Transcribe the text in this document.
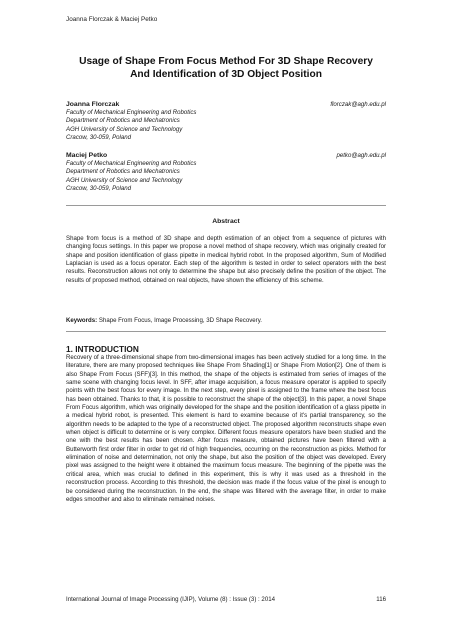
Joanna Florczak & Maciej Petko
Usage of Shape From Focus Method For 3D Shape Recovery
And Identification of 3D Object Position
Joanna Florczak	florczak@agh.edu.pl
Faculty of Mechanical Engineering and Robotics
Department of Robotics and Mechatronics
AGH University of Science and Technology
Cracow, 30-059, Poland
Maciej Petko	petko@agh.edu.pl
Faculty of Mechanical Engineering and Robotics
Department of Robotics and Mechatronics
AGH University of Science and Technology
Cracow, 30-059, Poland
Abstract
Shape from focus is a method of 3D shape and depth estimation of an object from a sequence of pictures with changing focus settings. In this paper we propose a novel method of shape recovery, which was originally created for shape and position identification of glass pipette in medical hybrid robot. In the proposed algorithm, Sum of Modified Laplacian is used as a focus operator. Each step of the algorithm is tested in order to select operators with the best results. Reconstruction allows not only to determine the shape but also precisely define the position of the object. The results of proposed method, obtained on real objects, have shown the efficiency of this scheme.
Keywords: Shape From Focus, Image Processing, 3D Shape Recovery.
1. INTRODUCTION
Recovery of a three-dimensional shape from two-dimensional images has been actively studied for a long time. In the literature, there are many proposed techniques like Shape From Shading[1] or Shape From Motion[2]. One of them is also Shape From Focus (SFF)[3]. In this method, the shape of the objects is estimated from series of images of the same scene with changing focus level. In SFF, after image acquisition, a focus measure operator is applied to specify points with the best focus for every image. In the next step, every pixel is assigned to the frame where the best focus has been obtained. Thanks to that, it is possible to reconstruct the shape of the object[3]. In this paper, a novel Shape From Focus algorithm, which was originally developed for the shape and the position identification of a glass pipette in a medical hybrid robot, is presented. This element is hard to examine because of it's partial transparency, so the algorithm needs to be adapted to the type of a reconstructed object. The proposed algorithm reconstructs shape even when object is difficult to determine or is very complex. Different focus measure operators have been studied and the one with the best results has been chosen. After focus measure, obtained pictures have been filtered with a Butterworth first order filter in order to get rid of high frequencies, occurring on the reconstruction as picks. Method for elimination of noise and determination, not only the shape, but also the position of the object was developed. Every pixel was assigned to the height were it obtained the maximum focus measure. The beginning of the pipette was the critical area, which was crucial to defined in this experiment, this is why it was used as a threshold in the reconstruction process. According to this threshold, the decision was made if the focus value of the pixel is enough to be considered during the reconstruction. In the end, the shape was filtered with the average filter, in order to make edges smoother and also to eliminate remained noises.
International Journal of Image Processing (IJIP), Volume (8) : Issue (3) : 2014	116
